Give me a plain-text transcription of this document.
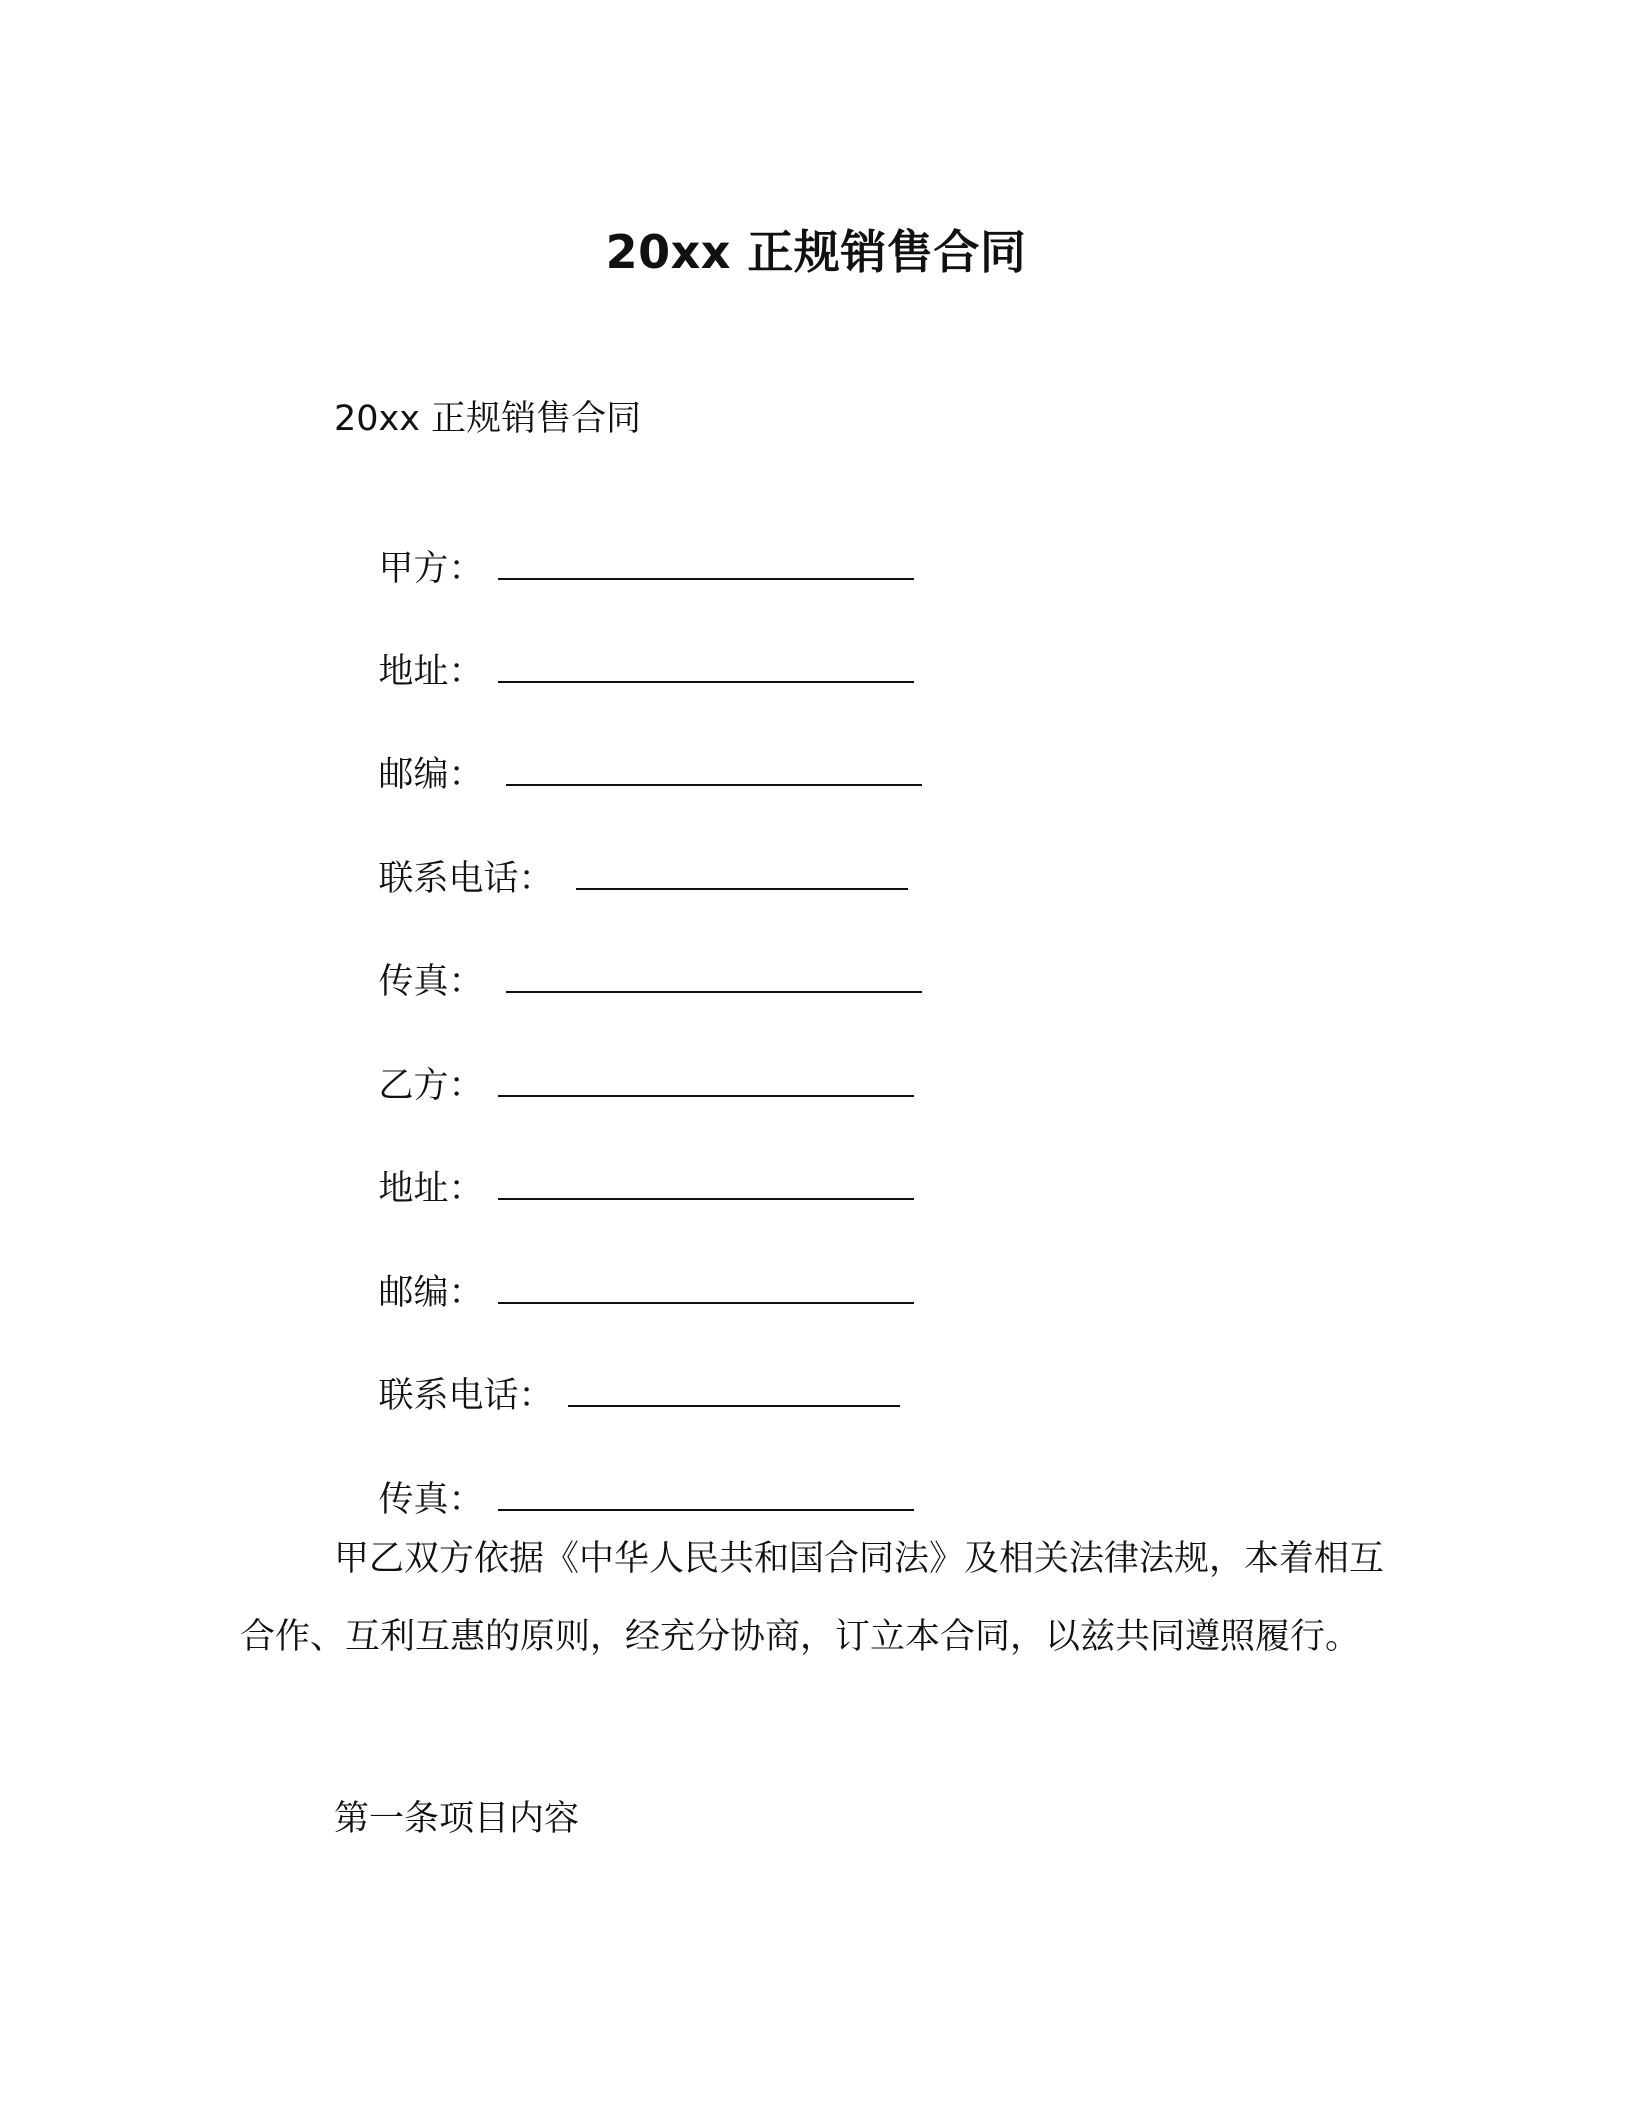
20xx 正规销售合同
20xx 正规销售合同

甲方：

地址：

邮编：

联系电话：

传真：

乙方：

地址：

邮编：

联系电话：

传真：

甲乙双方依据《中华人民共和国合同法》及相关法律法规，本着相互合作、互利互惠的原则，经充分协商，订立本合同，以兹共同遵照履行。
第一条项目内容
